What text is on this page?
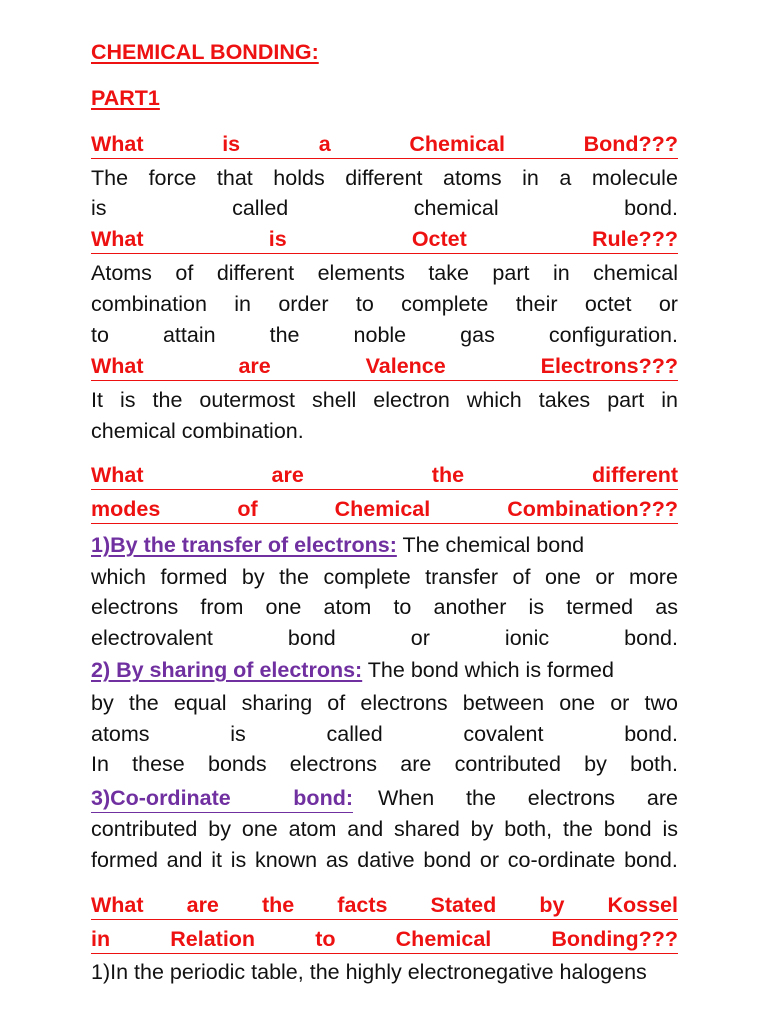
CHEMICAL BONDING:
PART1
What	is	a	Chemical	Bond???
The force that holds different atoms in a molecule
is	called	chemical	bond.
What	is	Octet	Rule???
Atoms of different elements take part in chemical
combination in order to complete their octet or
to	attain	the	noble	gas	configuration.
What	are	Valence	Electrons???
It is the outermost shell electron which takes part in
chemical combination.
What	are	the	different
modes	of	Chemical	Combination???
1)By the transfer of electrons: The chemical bond
which formed by the complete transfer of one or more
electrons from one atom to another is termed as
electrovalent	bond	or	ionic	bond.
2) By sharing of electrons: The bond which is formed
by the equal sharing of electrons between one or two
atoms	is	called	covalent	bond.
In these bonds electrons are contributed by both.
3)Co-ordinate	bond: When the electrons are
contributed by one atom and shared by both, the bond is
formed and it is known as dative bond or co-ordinate bond.
What are the facts Stated by Kossel
in	Relation	to	Chemical	Bonding???
1)In the periodic table, the highly electronegative halogens
